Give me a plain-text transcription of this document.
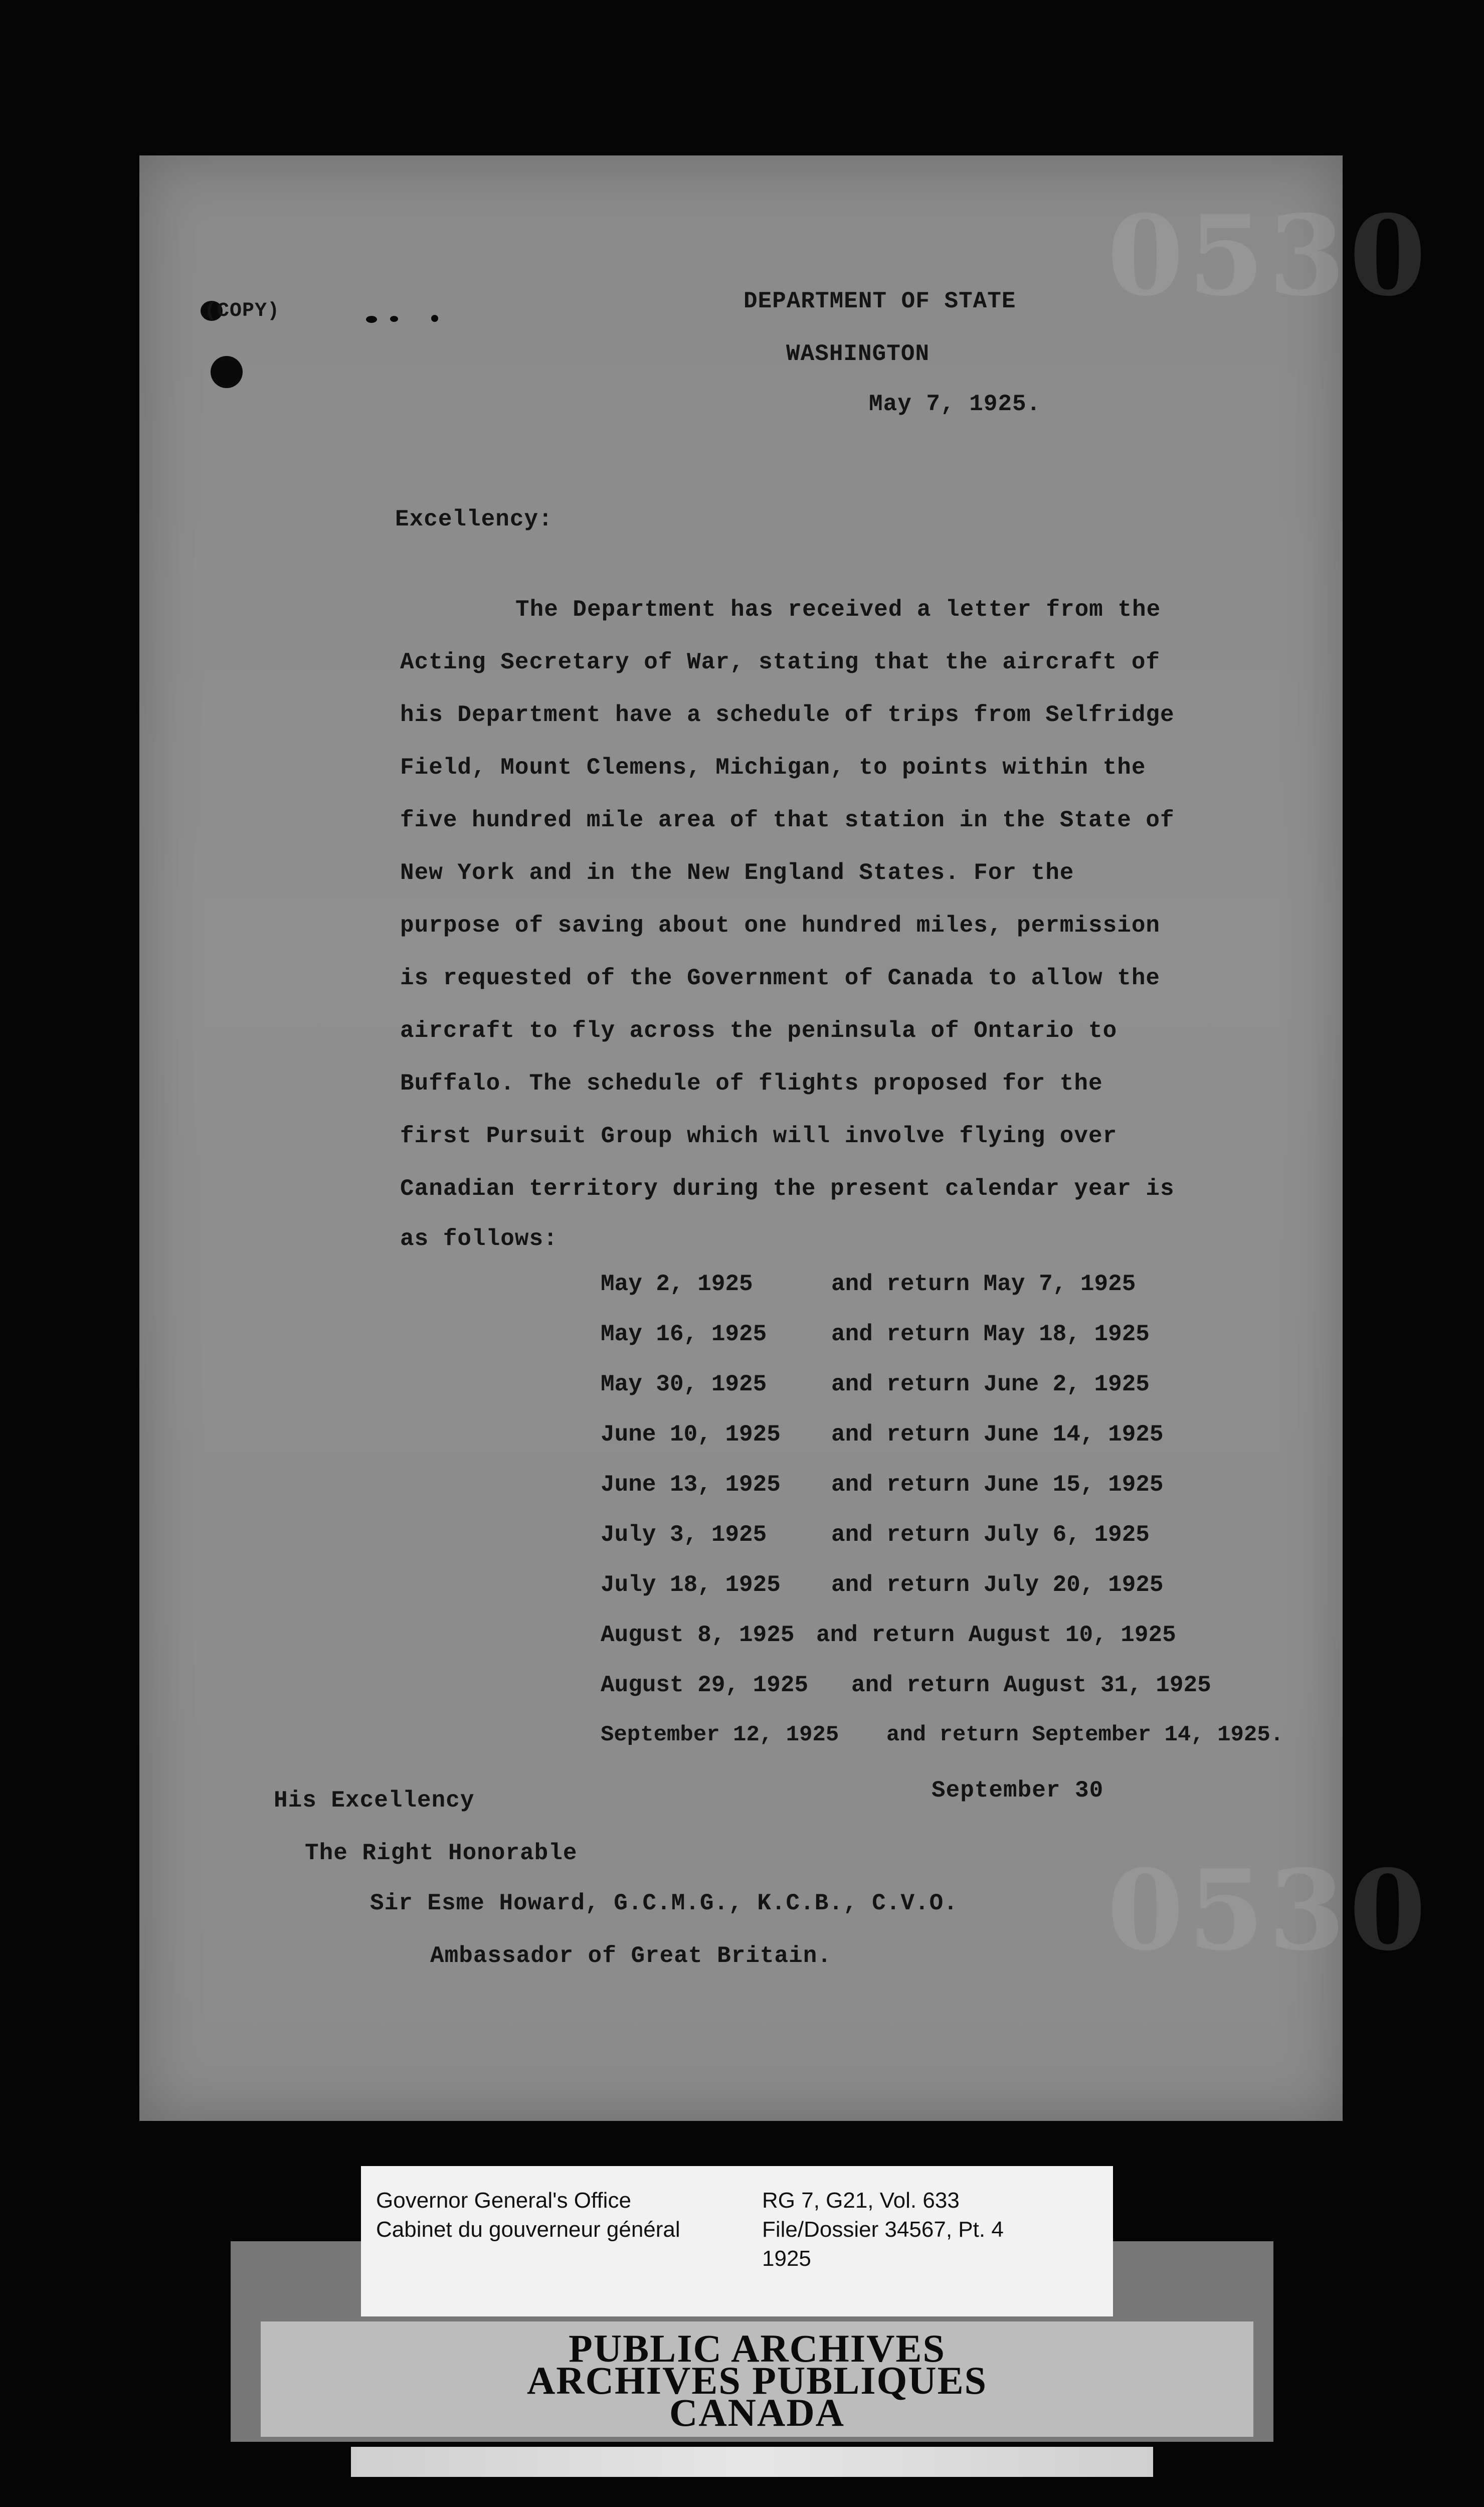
(COPY)	0530
0530
DEPARTMENT OF STATE
WASHINGTON
May 7, 1925.
Excellency:
The Department has received a letter from the
Acting Secretary of War, stating that the aircraft of
his Department have a schedule of trips from Selfridge
Field, Mount Clemens, Michigan, to points within the
five hundred mile area of that station in the State of
New York and in the New England States. For the
purpose of saving about one hundred miles, permission
is requested of the Government of Canada to allow the
aircraft to fly across the peninsula of Ontario to
Buffalo. The schedule of flights proposed for the
first Pursuit Group which will involve flying over
Canadian territory during the present calendar year is
as follows:
May 2, 1925	and return May 7, 1925
May 16, 1925	and return May 18, 1925
May 30, 1925	and return June 2, 1925
June 10, 1925 and return June 14, 1925
June 13, 1925 and return June 15, 1925
July 3, 1925	and return July 6, 1925
July 18, 1925 and return July 20, 1925
August 8, 1925 and return August 10, 1925
August 29, 1925 and return August 31, 1925
September 12, 1925 and return September 14, 1925.
September 30
His Excellency
The Right Honorable
Sir Esme Howard, G.C.M.G., K.C.B., C.V.O.
Ambassador of Great Britain.
PUBLIC ARCHIVES
ARCHIVES PUBLIQUES
CANADA
Governor General's Office
Cabinet du gouverneur général
RG 7, G21, Vol. 633
File/Dossier 34567, Pt. 4
1925
